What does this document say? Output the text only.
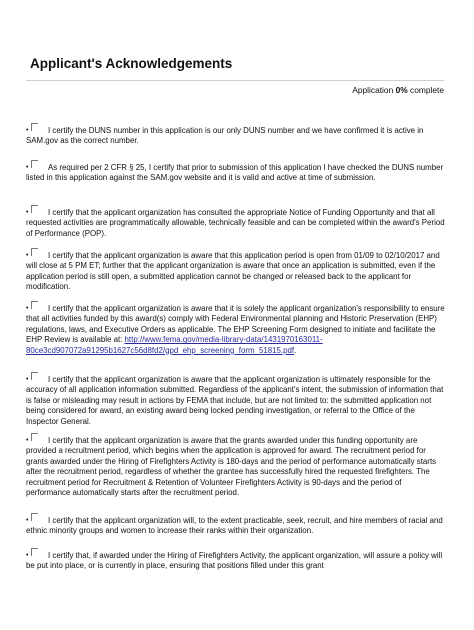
Applicant's Acknowledgements
Application 0% complete
• I certify the DUNS number in this application is our only DUNS number and we have confirmed it is active in SAM.gov as the correct number.
• As required per 2 CFR § 25, I certify that prior to submission of this application I have checked the DUNS number listed in this application against the SAM.gov website and it is valid and active at time of submission.
• I certify that the applicant organization has consulted the appropriate Notice of Funding Opportunity and that all requested activities are programmatically allowable, technically feasible and can be completed within the award's Period of Performance (POP).
• I certify that the applicant organization is aware that this application period is open from 01/09 to 02/10/2017 and will close at 5 PM ET; further that the applicant organization is aware that once an application is submitted, even if the application period is still open, a submitted application cannot be changed or released back to the applicant for modification.
• I certify that the applicant organization is aware that it is solely the applicant organization's responsibility to ensure that all activities funded by this award(s) comply with Federal Environmental planning and Historic Preservation (EHP) regulations, laws, and Executive Orders as applicable. The EHP Screening Form designed to initiate and facilitate the EHP Review is available at: http://www.fema.gov/media-library-data/1431970163011-80ce3cd907072a91295b1627c56d8fd2/gpd_ehp_screening_form_51815.pdf.
• I certify that the applicant organization is aware that the applicant organization is ultimately responsible for the accuracy of all application information submitted. Regardless of the applicant's intent, the submission of information that is false or misleading may result in actions by FEMA that include, but are not limited to: the submitted application not being considered for award, an existing award being locked pending investigation, or referral to the Office of the Inspector General.
• I certify that the applicant organization is aware that the grants awarded under this funding opportunity are provided a recruitment period, which begins when the application is approved for award. The recruitment period for grants awarded under the Hiring of Firefighters Activity is 180-days and the period of performance automatically starts after the recruitment period, regardless of whether the grantee has successfully hired the requested firefighters. The recruitment period for Recruitment & Retention of Volunteer Firefighters Activity is 90-days and the period of performance automatically starts after the recruitment period.
• I certify that the applicant organization will, to the extent practicable, seek, recruit, and hire members of racial and ethnic minority groups and women to increase their ranks within their organization.
• I certify that, if awarded under the Hiring of Firefighters Activity, the applicant organization, will assure a policy will be put into place, or is currently in place, ensuring that positions filled under this grant
